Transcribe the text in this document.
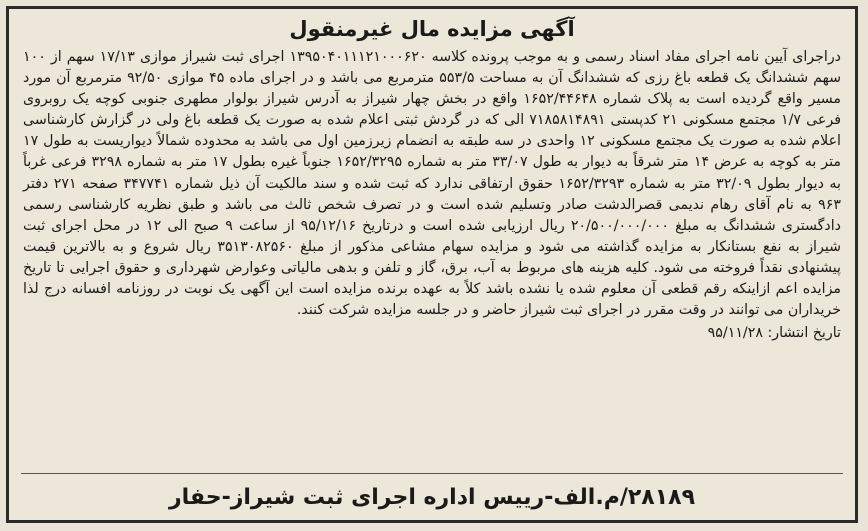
آگهی مزایده مال غیرمنقول
دراجرای آیین نامه اجرای مفاد اسناد رسمی و به موجب پرونده کلاسه ۱۳۹۵۰۴۰۱۱۱۲۱۰۰۰۶۲۰ اجرای ثبت شیراز موازی ۱۷/۱۳ سهم از ۱۰۰ سهم ششدانگ یک قطعه باغ رزی که ششدانگ آن به مساحت ۵۵۳/۵ مترمربع می باشد و در اجرای ماده ۴۵ موازی ۹۲/۵۰ مترمربع آن مورد مسیر واقع گردیده است به پلاک شماره ۱۶۵۲/۴۴۶۴۸ واقع در بخش چهار شیراز به آدرس شیراز بولوار مطهری جنوبی کوچه یک روبروی فرعی ۱/۷ مجتمع مسکونی ۲۱ کدپستی ۷۱۸۵۸۱۴۸۹۱ الی که در گردش ثبتی اعلام شده به صورت یک قطعه باغ ولی در گزارش کارشناسی اعلام شده به صورت یک مجتمع مسکونی ۱۲ واحدی در سه طبقه به انضمام زیرزمین اول می باشد به محدوده شمالاً دیواریست به طول ۱۷ متر به کوچه به عرض ۱۴ متر شرقاً به دیوار به طول ۳۳/۰۷ متر به شماره ۱۶۵۲/۳۲۹۵ جنوباً غیره بطول ۱۷ متر به شماره ۳۲۹۸ فرعی غرباً به دیوار بطول ۳۲/۰۹ متر به شماره ۱۶۵۲/۳۲۹۳ حقوق ارتفاقی ندارد که ثبت شده و سند مالکیت آن ذیل شماره ۳۴۷۷۴۱ صفحه ۲۷۱ دفتر ۹۶۳ به نام آقای رهام ندیمی قصرالدشت صادر وتسلیم شده است و در تصرف شخص ثالث می باشد و طبق نظریه کارشناسی رسمی دادگستری ششدانگ به مبلغ ۲۰/۵۰۰/۰۰۰/۰۰۰ ریال ارزیابی شده است و درتاریخ ۹۵/۱۲/۱۶ از ساعت ۹ صبح الی ۱۲ در محل اجرای ثبت شیراز به نفع بستانکار به مزایده گذاشته می شود و مزایده سهام مشاعی مذکور از مبلغ ۳۵۱۳۰۸۲۵۶۰ ریال شروع و به بالاترین قیمت پیشنهادی نقداً فروخته می شود. کلیه هزینه های مربوط به آب، برق، گاز و تلفن و بدهی مالیاتی وعوارض شهرداری و حقوق اجرایی تا تاریخ مزایده اعم ازاینکه رقم قطعی آن معلوم شده یا نشده باشد کلاً به عهده برنده مزایده است این آگهی یک نوبت در روزنامه افسانه درج لذا خریداران می توانند در وقت مقرر در اجرای ثبت شیراز حاضر و در جلسه مزایده شرکت کنند.
تاریخ انتشار: ۹۵/۱۱/۲۸
۲۸۱۸۹/م.الف-رییس اداره اجرای ثبت شیراز-حفار
